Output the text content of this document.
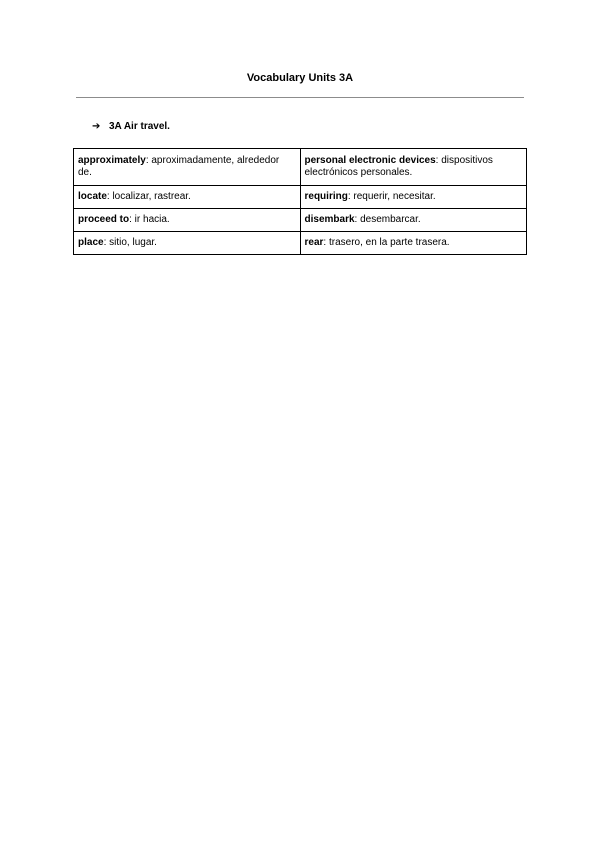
Vocabulary Units 3A
➔ 3A Air travel.
approximately: aproximadamente, alrededor de.	personal electronic devices: dispositivos electrónicos personales.
locate: localizar, rastrear.	requiring: requerir, necesitar.
proceed to: ir hacia.	disembark: desembarcar.
place: sitio, lugar.	rear: trasero, en la parte trasera.
